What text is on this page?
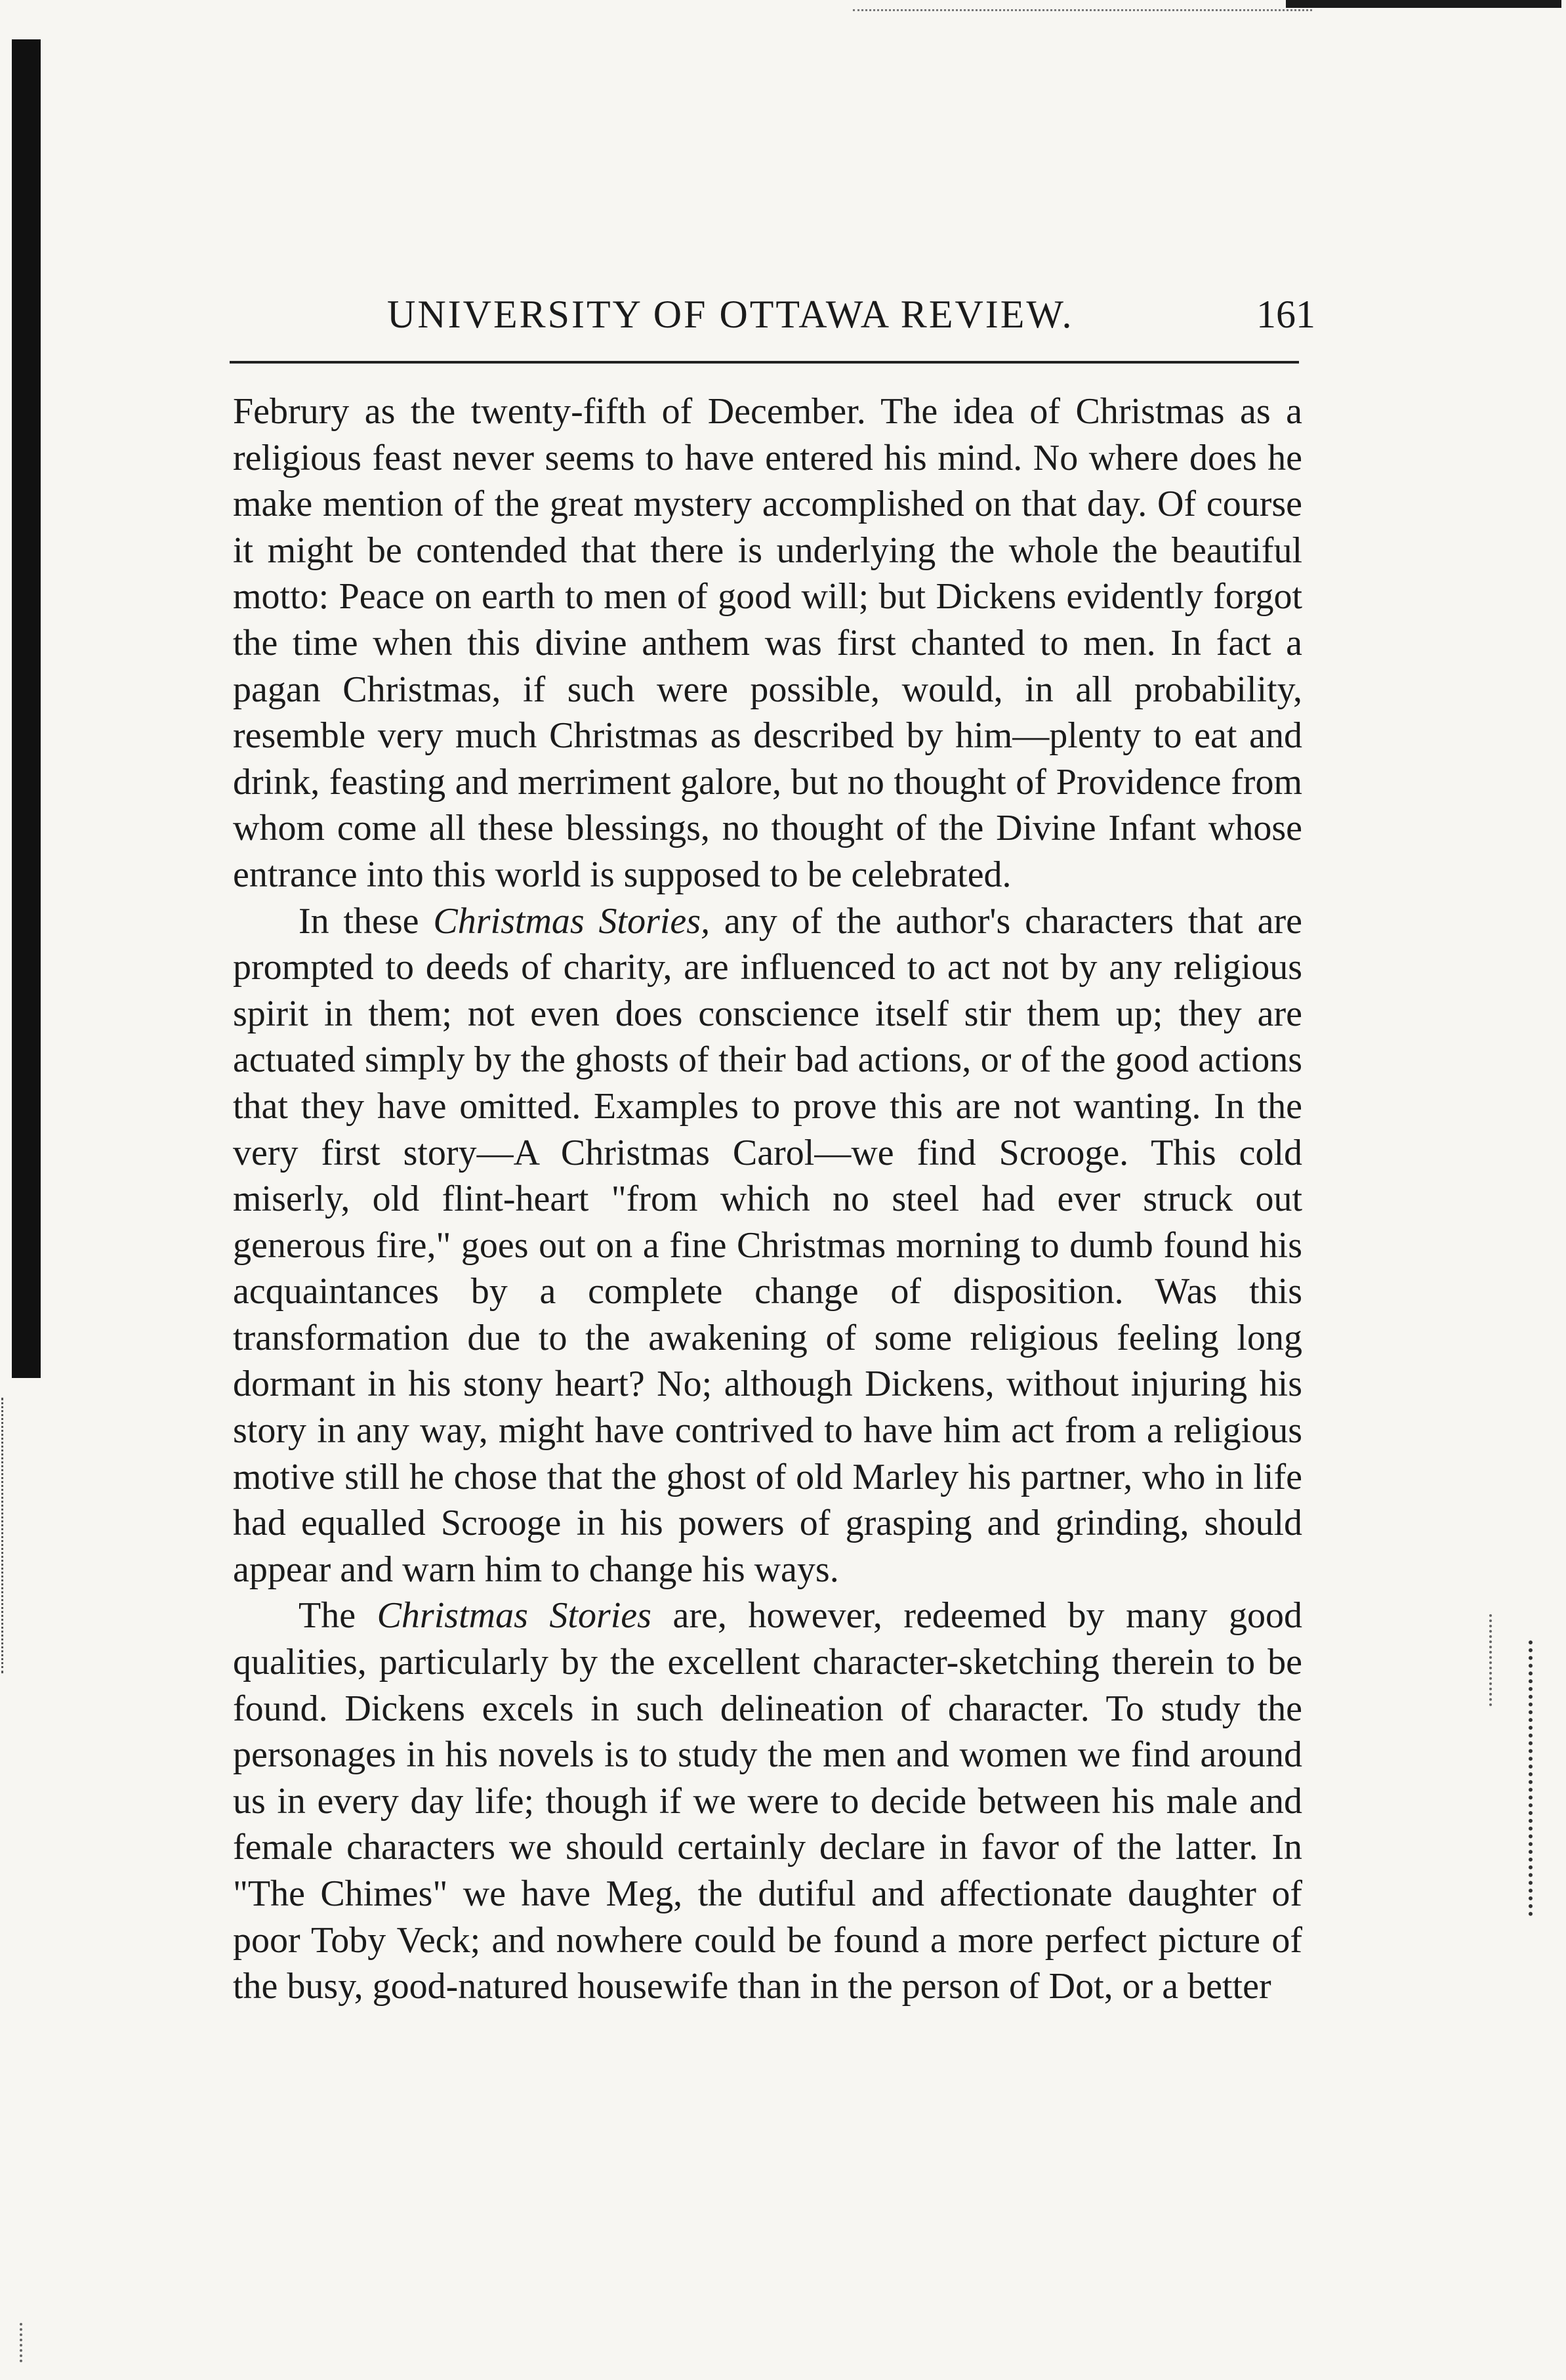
UNIVERSITY OF OTTAWA REVIEW.	161

Februry as the twenty-fifth of December. The idea of Christmas as a religious feast never seems to have entered his mind. No where does he make mention of the great mystery accomplished on that day. Of course it might be contended that there is underlying the whole the beautiful motto: Peace on earth to men of good will; but Dickens evidently forgot the time when this divine anthem was first chanted to men. In fact a pagan Christmas, if such were possible, would, in all probability, resemble very much Christmas as described by him—plenty to eat and drink, feasting and merriment galore, but no thought of Providence from whom come all these blessings, no thought of the Divine Infant whose entrance into this world is supposed to be celebrated.

In these Christmas Stories, any of the author's characters that are prompted to deeds of charity, are influenced to act not by any religious spirit in them; not even does conscience itself stir them up; they are actuated simply by the ghosts of their bad actions, or of the good actions that they have omitted. Examples to prove this are not wanting. In the very first story—A Christmas Carol—we find Scrooge. This cold miserly, old flint-heart "from which no steel had ever struck out generous fire," goes out on a fine Christmas morning to dumb found his acquaintances by a complete change of disposition. Was this transformation due to the awakening of some religious feeling long dormant in his stony heart? No; although Dickens, without injuring his story in any way, might have contrived to have him act from a religious motive still he chose that the ghost of old Marley his partner, who in life had equalled Scrooge in his powers of grasping and grinding, should appear and warn him to change his ways.

The Christmas Stories are, however, redeemed by many good qualities, particularly by the excellent character-sketching therein to be found. Dickens excels in such delineation of character. To study the personages in his novels is to study the men and women we find around us in every day life; though if we were to decide between his male and female characters we should certainly declare in favor of the latter. In "The Chimes" we have Meg, the dutiful and affectionate daughter of poor Toby Veck; and nowhere could be found a more perfect picture of the busy, good-natured housewife than in the person of Dot, or a better
